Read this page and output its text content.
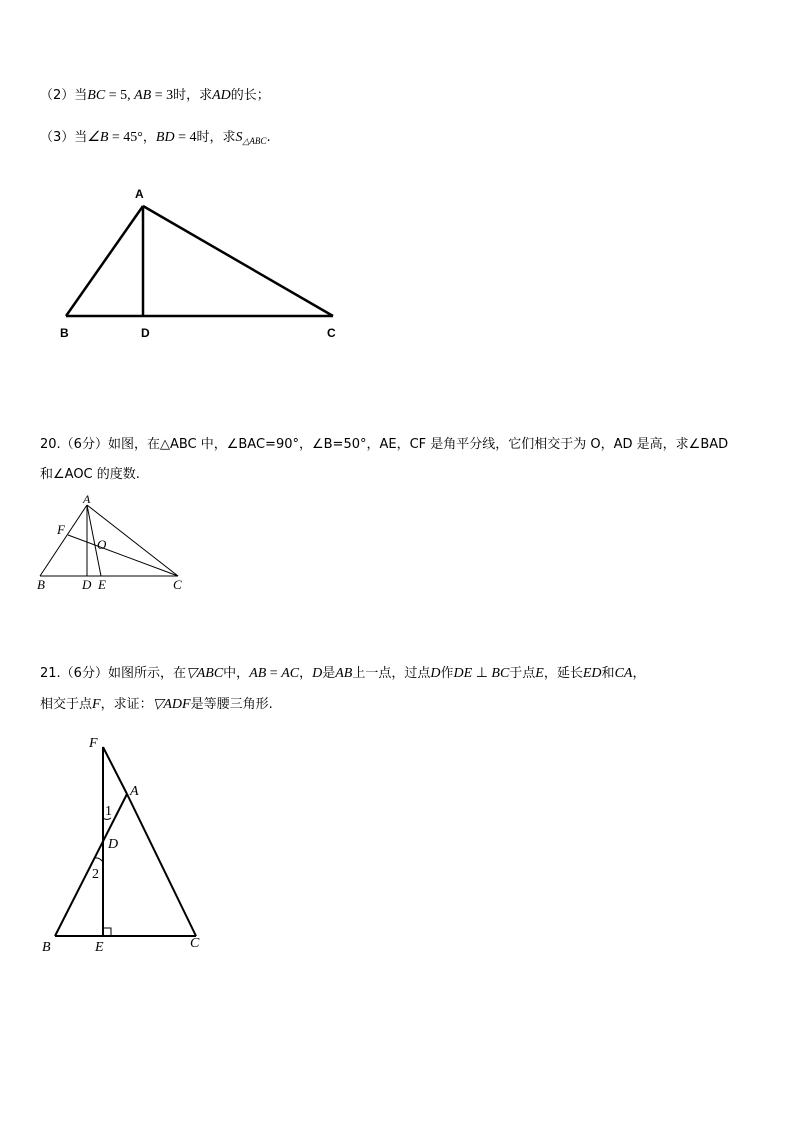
（2）当BC = 5, AB = 3时，求AD的长；
（3）当∠B = 45°，BD = 4时，求$S_{\triangle ABC}$.
A
B	D	C
20.（6分）如图，在△ABC 中，∠BAC=90°，∠B=50°，AE，CF 是角平分线，它们相交于为 O，AD 是高，求∠BAD
和∠AOC 的度数.
A
F
O
B	D E	C
21.（6分）如图所示，在▽ABC中，AB = AC，D是AB上一点，过点D作DE ⊥ BC于点E，延长ED和CA，
相交于点F，求证：▽ADF是等腰三角形.
F
A
1
D
2
B	E	C
